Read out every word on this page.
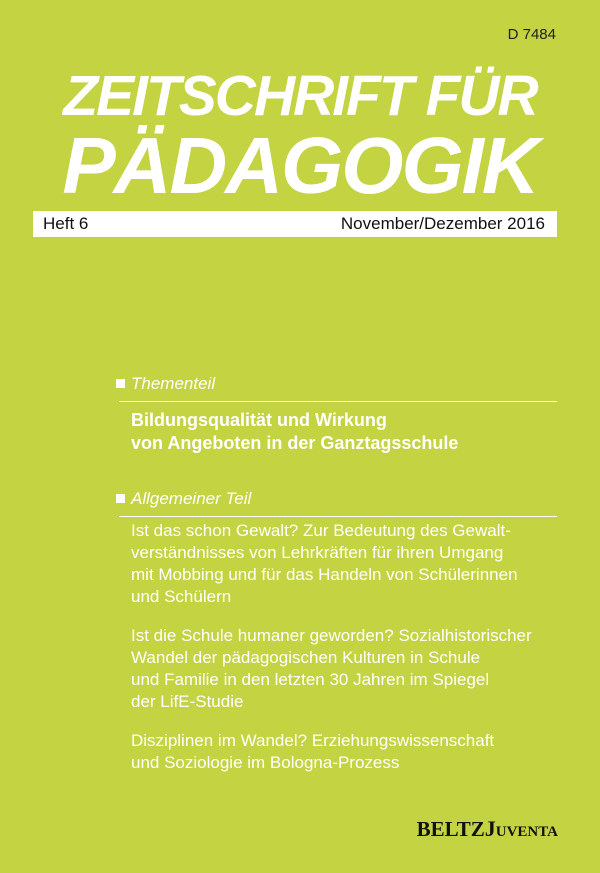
D 7484
ZEITSCHRIFT FÜR
PÄDAGOGIK
Heft 6	November/Dezember 2016
Thementeil
Bildungsqualität und Wirkung
von Angeboten in der Ganztagsschule
Allgemeiner Teil
Ist das schon Gewalt? Zur Bedeutung des Gewalt-
verständnisses von Lehrkräften für ihren Umgang
mit Mobbing und für das Handeln von Schülerinnen
und Schülern
Ist die Schule humaner geworden? Sozialhistorischer
Wandel der pädagogischen Kulturen in Schule
und Familie in den letzten 30 Jahren im Spiegel
der LifE-Studie
Disziplinen im Wandel? Erziehungswissenschaft
und Soziologie im Bologna-Prozess
BELTZJuventa
